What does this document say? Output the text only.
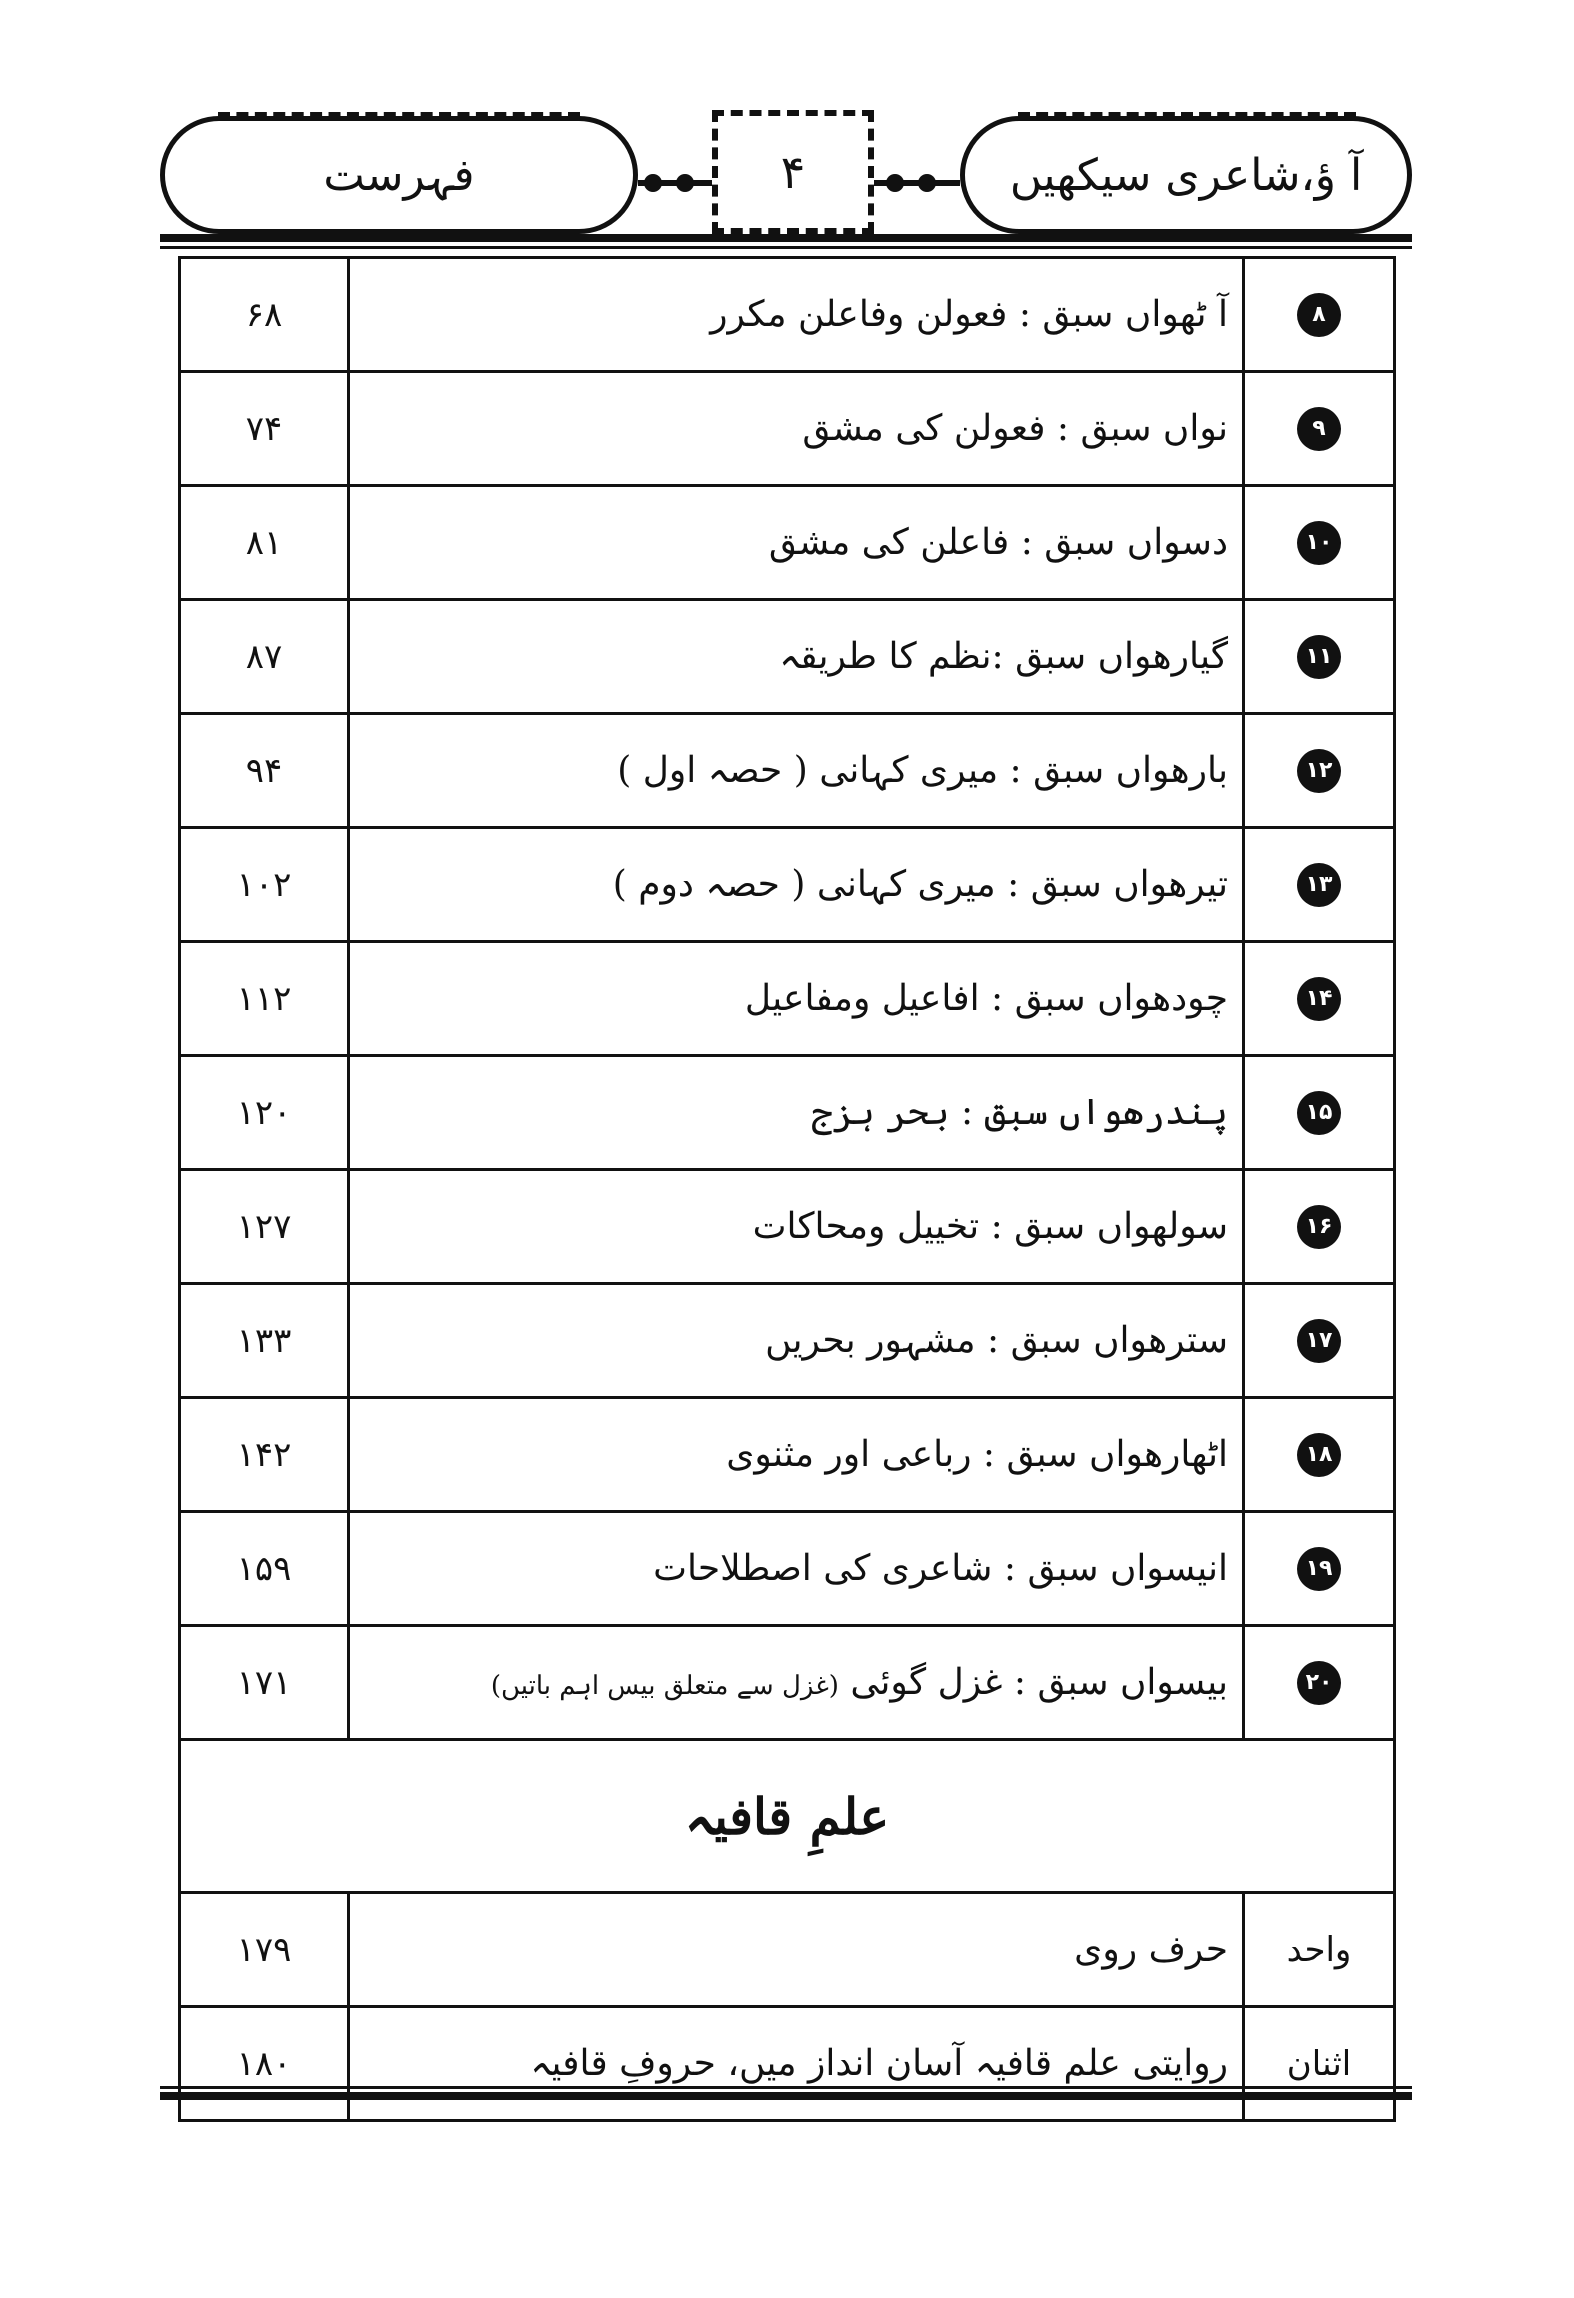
فہرست	۴	آ ؤ،شاعری سیکھیں
۸	آ ٹھواں سبق : فعولن وفاعلن مکرر	۶۸
۹	نواں سبق : فعولن کی مشق	۷۴
۱۰	دسواں سبق : فاعلن کی مشق	۸۱
۱۱	گیارھواں سبق :نظم کا طریقہ	۸۷
۱۲	بارھواں سبق : میری کہانی ( حصہ اول )	۹۴
۱۳	تیرھواں سبق : میری کہانی ( حصہ دوم )	۱۰۲
۱۴	چودھواں سبق : افاعیل ومفاعیل	۱۱۲
۱۵	پندرھواں سبق : بحر ہزج	۱۲۰
۱۶	سولھواں سبق : تخییل ومحاکات	۱۲۷
۱۷	سترھواں سبق : مشہور بحریں	۱۳۳
۱۸	اٹھارھواں سبق : رباعی اور مثنوی	۱۴۲
۱۹	انیسواں سبق : شاعری کی اصطلاحات	۱۵۹
۲۰	بیسواں سبق : غزل گوئی (غزل سے متعلق بیس اہم باتیں)	۱۷۱
علمِ قافیہ		
واحد	حرف روی	۱۷۹
اثنان	روایتی علم قافیہ آسان انداز میں، حروفِ قافیہ	۱۸۰
